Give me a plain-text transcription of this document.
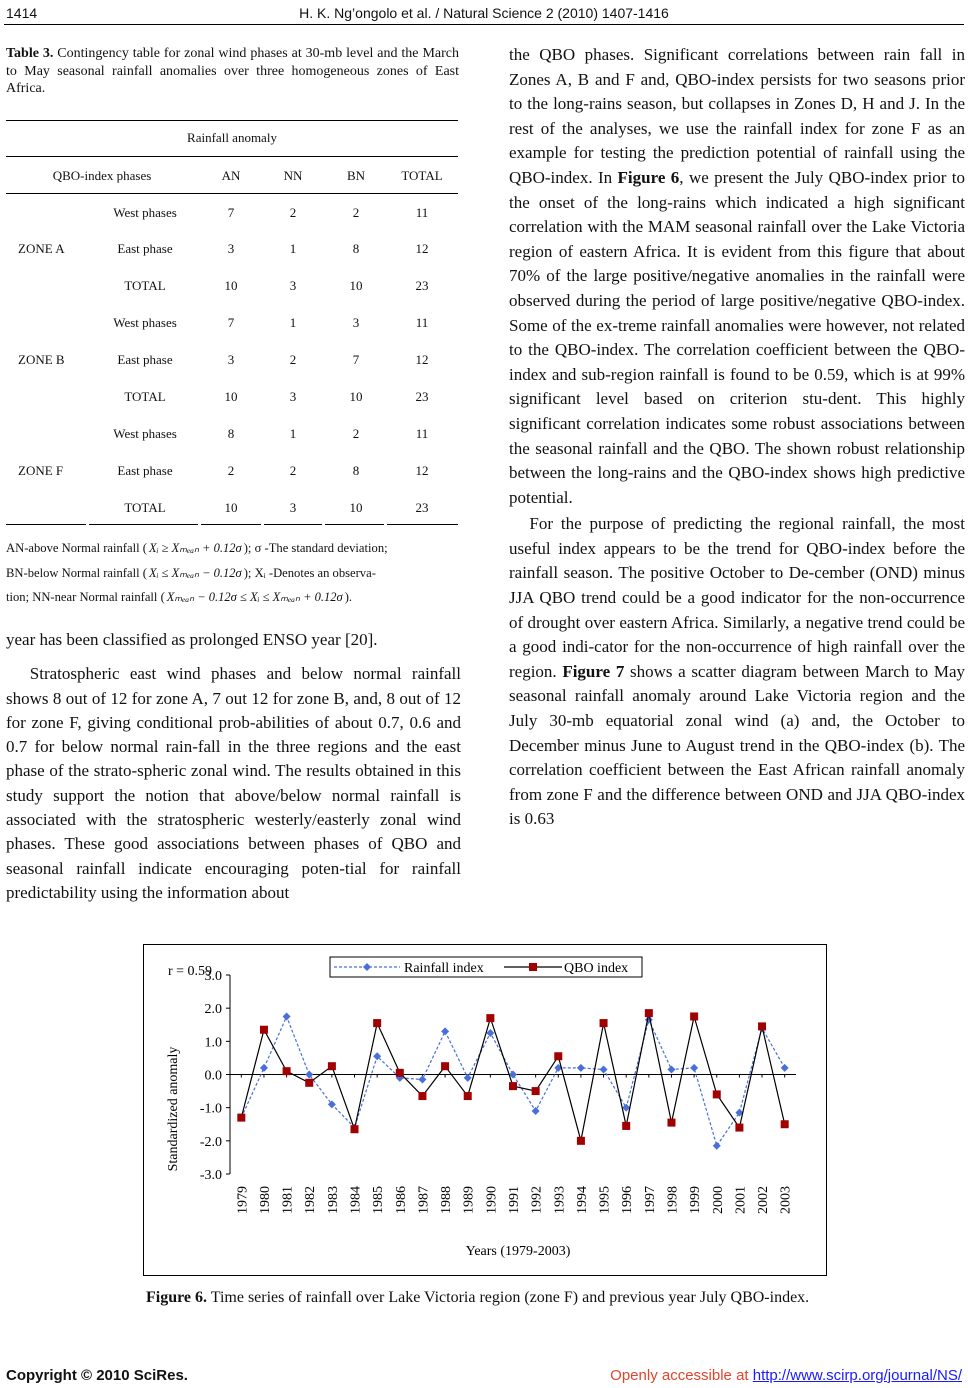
1414	H. K. Ng’ongolo et al. / Natural Science 2 (2010) 1407-1416
Table 3. Contingency table for zonal wind phases at 30-mb level and the March to May seasonal rainfall anomalies over three homogeneous zones of East Africa.
Rainfall anomaly
QBO-index phases	AN	NN	BN	TOTAL
ZONE A
West phases	7	2	2	11
East phase	3	1	8	12
TOTAL	10	3	10	23
ZONE B
West phases	7	1	3	11
East phase	3	2	7	12
TOTAL	10	3	10	23
ZONE F
West phases	8	1	2	11
East phase	2	2	8	12
TOTAL	10	3	10	23

AN-above Normal rainfall ( Xᵢ ≥ Xₘₑₐₙ + 0.12σ ); σ -The standard deviation;

BN-below Normal rainfall ( Xᵢ ≤ Xₘₑₐₙ − 0.12σ ); Xᵢ -Denotes an observa-

tion; NN-near Normal rainfall ( Xₘₑₐₙ − 0.12σ ≤ Xᵢ ≤ Xₘₑₐₙ + 0.12σ ).

year has been classified as prolonged ENSO year [20].

Stratospheric east wind phases and below normal rainfall shows 8 out of 12 for zone A, 7 out 12 for zone B, and, 8 out of 12 for zone F, giving conditional prob-abilities of about 0.7, 0.6 and 0.7 for below normal rain-fall in the three regions and the east phase of the strato-spheric zonal wind. The results obtained in this study support the notion that above/below normal rainfall is associated with the stratospheric westerly/easterly zonal wind phases. These good associations between phases of QBO and seasonal rainfall indicate encouraging poten-tial for rainfall predictability using the information about

the QBO phases. Significant correlations between rain fall in Zones A, B and F and, QBO-index persists for two seasons prior to the long-rains season, but collapses in Zones D, H and J. In the rest of the analyses, we use the rainfall index for zone F as an example for testing the prediction potential of rainfall using the QBO-index. In Figure 6, we present the July QBO-index prior to the onset of the long-rains which indicated a high significant correlation with the MAM seasonal rainfall over the Lake Victoria region of eastern Africa. It is evident from this figure that about 70% of the large positive/negative anomalies in the rainfall were observed during the period of large positive/negative QBO-index. Some of the ex-treme rainfall anomalies were however, not related to the QBO-index. The correlation coefficient between the QBO-index and sub-region rainfall is found to be 0.59, which is at 99% significant level based on criterion stu-dent. This highly significant correlation indicates some robust associations between the seasonal rainfall and the QBO. The shown robust relationship between the long-rains and the QBO-index shows high predictive potential.

For the purpose of predicting the regional rainfall, the most useful index appears to be the trend for QBO-index before the rainfall season. The positive October to De-cember (OND) minus JJA QBO trend could be a good indicator for the non-occurrence of drought over eastern Africa. Similarly, a negative trend could be a good indi-cator for the non-occurrence of high rainfall over the region. Figure 7 shows a scatter diagram between March to May seasonal rainfall anomaly around Lake Victoria region and the July 30-mb equatorial zonal wind (a) and, the October to December minus June to August trend in the QBO-index (b). The correlation coefficient between the East African rainfall anomaly from zone F and the difference between OND and JJA QBO-index is 0.63

r = 0.59	Rainfall index	QBO index
Standardized anomaly
Years (1979-2003)
3.0
2.0
1.0
0.0
-1.0
-2.0
-3.0
1979 1980 1981 1982 1983 1984 1985 1986 1987 1988 1989 1990 1991 1992 1993 1994 1995 1996 1997 1998 1999 2000 2001 2002 2003
Figure 6. Time series of rainfall over Lake Victoria region (zone F) and previous year July QBO-index.
Copyright © 2010 SciRes.	Openly accessible at http://www.scirp.org/journal/NS/
